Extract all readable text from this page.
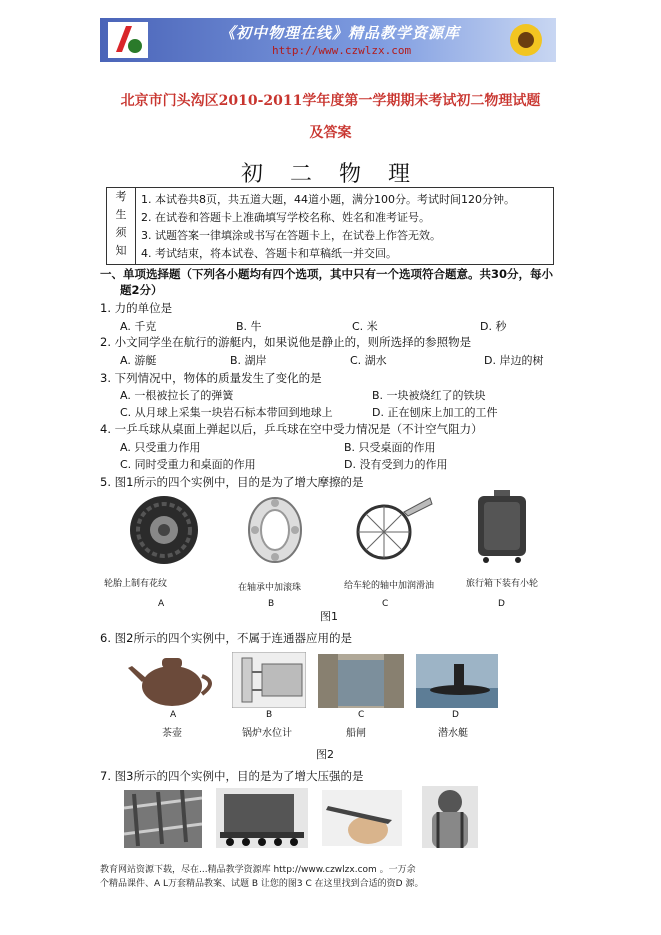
《初中物理在线》精品教学资源库
http://www.czwlzx.com
北京市门头沟区2010-2011学年度第一学期期末考试初二物理试题
及答案
初 二 物 理
考
生
须
知
1. 本试卷共8页，共五道大题，44道小题，满分100分。考试时间120分钟。
2. 在试卷和答题卡上准确填写学校名称、姓名和准考证号。
3. 试题答案一律填涂或书写在答题卡上，在试卷上作答无效。
4. 考试结束，将本试卷、答题卡和草稿纸一并交回。
一、单项选择题（下列各小题均有四个选项，其中只有一个选项符合题意。共30分，每小
题2分）
1. 力的单位是
A. 千克	B. 牛	C. 米	D. 秒
2. 小文同学坐在航行的游艇内，如果说他是静止的，则所选择的参照物是
A. 游艇	B. 湖岸	C. 湖水	D. 岸边的树
3. 下列情况中，物体的质量发生了变化的是
A. 一根被拉长了的弹簧	B. 一块被烧红了的铁块
C. 从月球上采集一块岩石标本带回到地球上	D. 正在刨床上加工的工件
4. 一乒乓球从桌面上弹起以后，乒乓球在空中受力情况是（不计空气阻力）
A. 只受重力作用	B. 只受桌面的作用
C. 同时受重力和桌面的作用	D. 没有受到力的作用
5. 图1所示的四个实例中，目的是为了增大摩擦的是
轮胎上制有花纹	在轴承中加滚珠	给车轮的轴中加润滑油	旅行箱下装有小轮
A	B	C	D
图1
6. 图2所示的四个实例中，不属于连通器应用的是
A	B	C	D
茶壶	锅炉水位计	船闸	潜水艇
图2
7. 图3所示的四个实例中，目的是为了增大压强的是
教育网站资源下载，尽在...精品教学资源库 http://www.czwlzx.com 。一万余
个精品课件、A L万套精品教案、试题 B 让您的图3 C 在这里找到合适的资D 源。
